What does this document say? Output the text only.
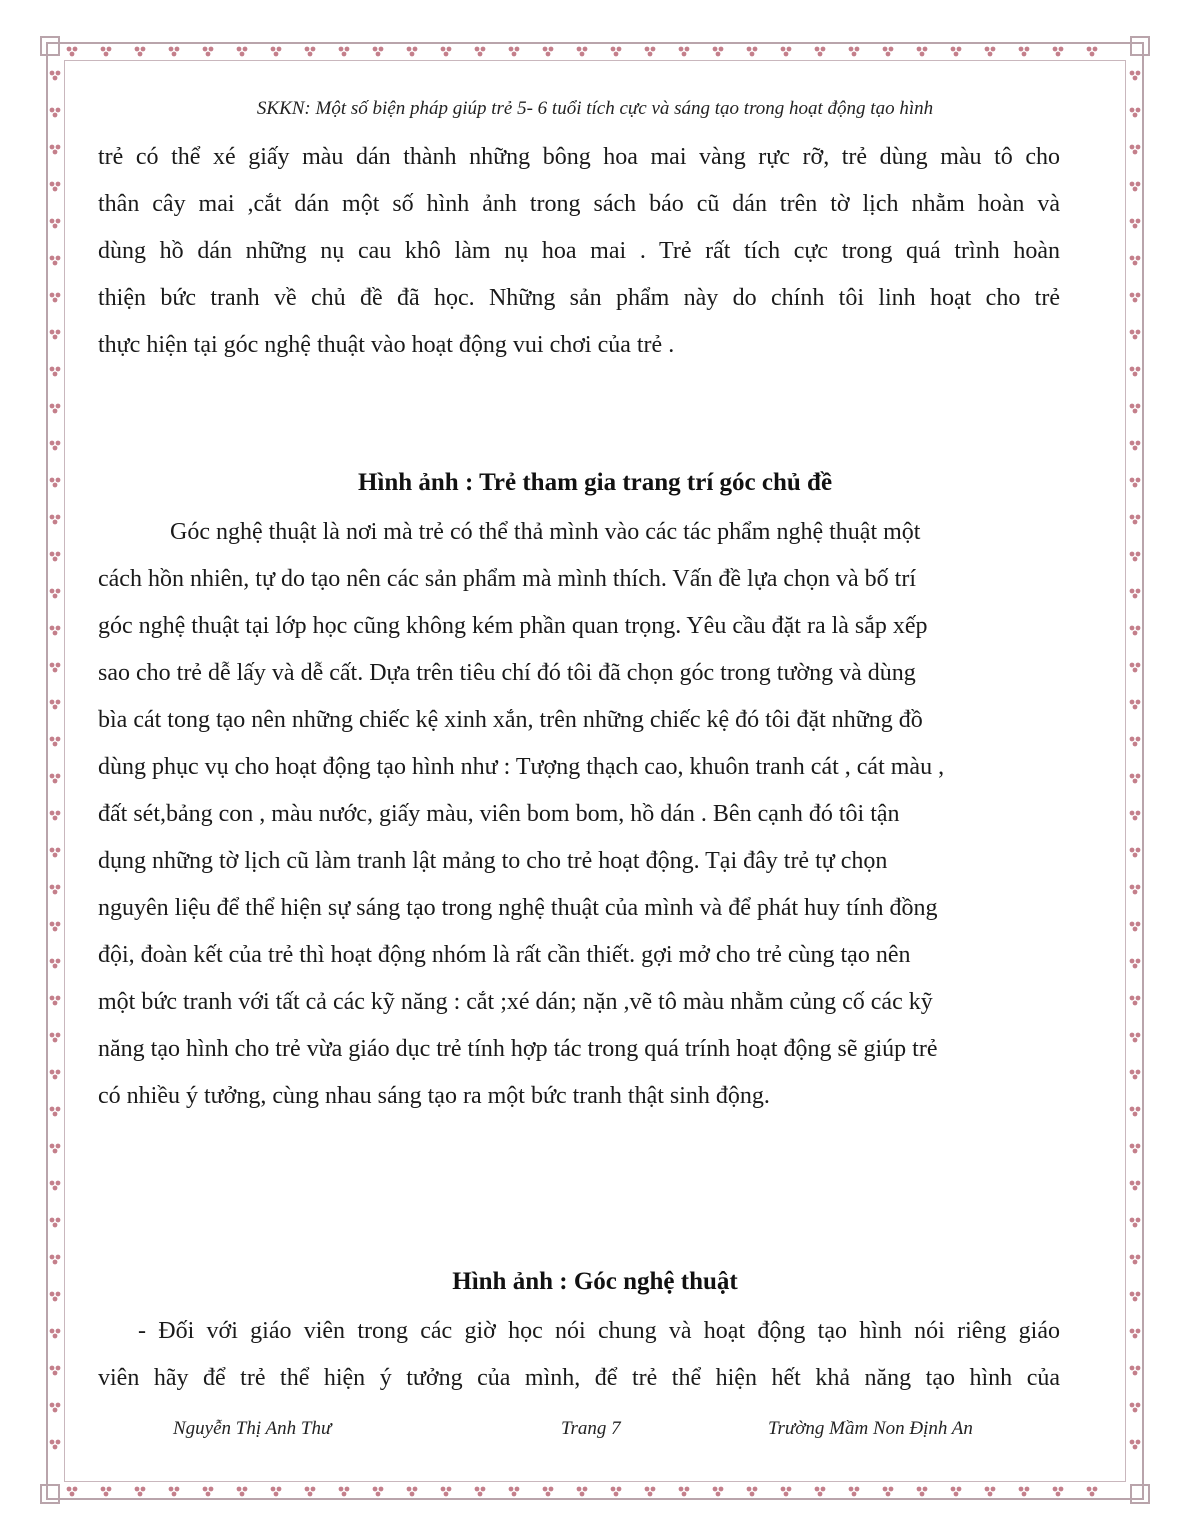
SKKN: Một số biện pháp giúp trẻ 5- 6 tuổi tích cực và sáng tạo trong hoạt động tạo hình
trẻ có thể xé giấy màu dán thành những bông hoa mai vàng rực rỡ, trẻ dùng màu tô cho
thân cây mai ,cắt dán một số hình ảnh trong sách báo cũ dán trên tờ lịch nhằm hoàn và
dùng hồ dán những nụ cau khô làm nụ hoa mai . Trẻ rất tích cực trong quá trình hoàn
thiện bức tranh về chủ đề đã học. Những sản phẩm này do chính tôi linh hoạt cho trẻ
thực hiện tại góc nghệ thuật vào hoạt động vui chơi của trẻ .
Hình ảnh : Trẻ tham gia trang trí góc chủ đề
Góc nghệ thuật là nơi mà trẻ có thể thả mình vào các tác phẩm nghệ thuật một
cách hồn nhiên, tự do tạo nên các sản phẩm mà mình thích. Vấn đề lựa chọn và bố trí
góc nghệ thuật tại lớp học cũng không kém phần quan trọng. Yêu cầu đặt ra là sắp xếp
sao cho trẻ dễ lấy và dễ cất. Dựa trên tiêu chí đó tôi đã chọn góc trong tường và dùng
bìa cát tong tạo nên những chiếc kệ xinh xắn, trên những chiếc kệ đó tôi đặt những đồ
dùng phục vụ cho hoạt động tạo hình như : Tượng thạch cao, khuôn tranh cát , cát màu ,
đất sét,bảng con , màu nước, giấy màu, viên bom bom, hồ dán . Bên cạnh đó tôi tận
dụng những tờ lịch cũ làm tranh lật mảng to cho trẻ hoạt động. Tại đây trẻ tự chọn
nguyên liệu để thể hiện sự sáng tạo trong nghệ thuật của mình và để phát huy tính đồng
đội, đoàn kết của trẻ thì hoạt động nhóm là rất cần thiết. gợi mở cho trẻ cùng tạo nên
một bức tranh với tất cả các kỹ năng : cắt ;xé dán; nặn ,vẽ tô màu nhằm củng cố các kỹ
năng tạo hình cho trẻ vừa giáo dục trẻ tính hợp tác trong quá trính hoạt động sẽ giúp trẻ
có nhiều ý tưởng, cùng nhau sáng tạo ra một bức tranh thật sinh động.
Hình ảnh : Góc nghệ thuật
- Đối với giáo viên trong các giờ học nói chung và hoạt động tạo hình nói riêng giáo
viên hãy để trẻ thể hiện ý tưởng của mình, để trẻ thể hiện hết khả năng tạo hình của
Nguyễn Thị Anh Thư	Trang 7	Trường Mầm Non Định An
